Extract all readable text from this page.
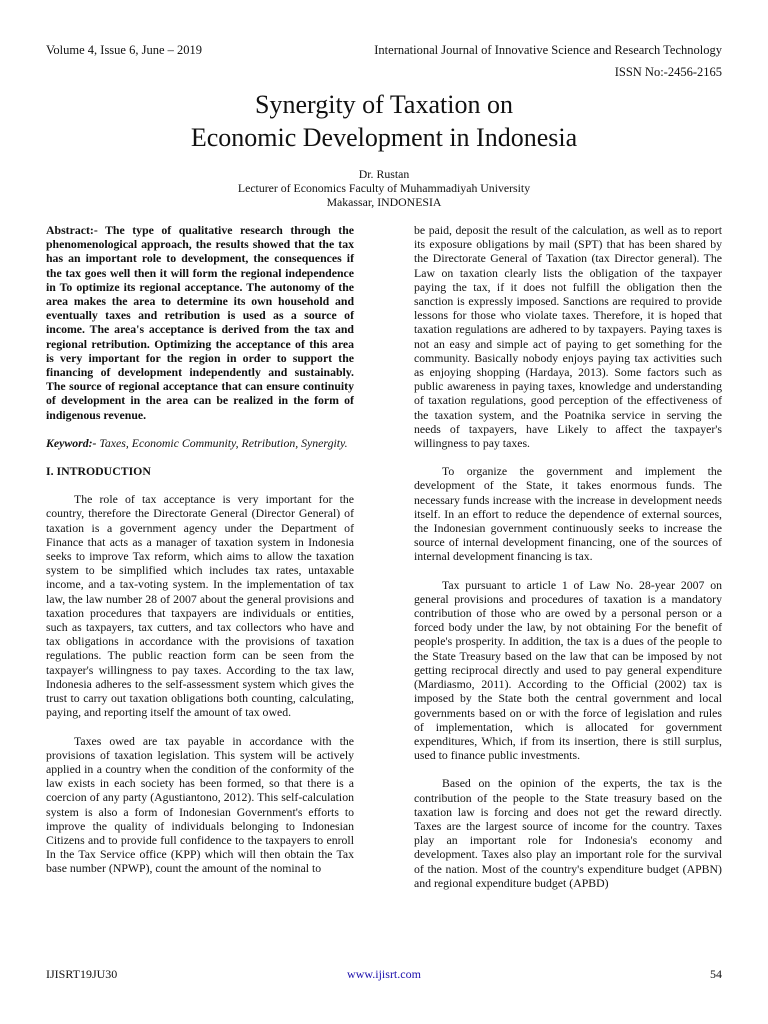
Volume 4, Issue 6, June – 2019	International Journal of Innovative Science and Research Technology
ISSN No:-2456-2165
Synergity of Taxation on
Economic Development in Indonesia
Dr. Rustan
Lecturer of Economics Faculty of Muhammadiyah University
Makassar, INDONESIA

Abstract:- The type of qualitative research through the phenomenological approach, the results showed that the tax has an important role to development, the consequences if the tax goes well then it will form the regional independence in To optimize its regional acceptance. The autonomy of the area makes the area to determine its own household and eventually taxes and retribution is used as a source of income. The area's acceptance is derived from the tax and regional retribution. Optimizing the acceptance of this area is very important for the region in order to support the financing of development independently and sustainably. The source of regional acceptance that can ensure continuity of development in the area can be realized in the form of indigenous revenue.

Keyword:- Taxes, Economic Community, Retribution, Synergity.

I. INTRODUCTION

The role of tax acceptance is very important for the country, therefore the Directorate General (Director General) of taxation is a government agency under the Department of Finance that acts as a manager of taxation system in Indonesia seeks to improve Tax reform, which aims to allow the taxation system to be simplified which includes tax rates, untaxable income, and a tax-voting system. In the implementation of tax law, the law number 28 of 2007 about the general provisions and taxation procedures that taxpayers are individuals or entities, such as taxpayers, tax cutters, and tax collectors who have and tax obligations in accordance with the provisions of taxation regulations. The public reaction form can be seen from the taxpayer's willingness to pay taxes. According to the tax law, Indonesia adheres to the self-assessment system which gives the trust to carry out taxation obligations both counting, calculating, paying, and reporting itself the amount of tax owed.

Taxes owed are tax payable in accordance with the provisions of taxation legislation. This system will be actively applied in a country when the condition of the conformity of the law exists in each society has been formed, so that there is a coercion of any party (Agustiantono, 2012). This self-calculation system is also a form of Indonesian Government's efforts to improve the quality of individuals belonging to Indonesian Citizens and to provide full confidence to the taxpayers to enroll In the Tax Service office (KPP) which will then obtain the Tax base number (NPWP), count the amount of the nominal to

be paid, deposit the result of the calculation, as well as to report its exposure obligations by mail (SPT) that has been shared by the Directorate General of Taxation (tax Director general). The Law on taxation clearly lists the obligation of the taxpayer paying the tax, if it does not fulfill the obligation then the sanction is expressly imposed. Sanctions are required to provide lessons for those who violate taxes. Therefore, it is hoped that taxation regulations are adhered to by taxpayers. Paying taxes is not an easy and simple act of paying to get something for the community. Basically nobody enjoys paying tax activities such as enjoying shopping (Hardaya, 2013). Some factors such as public awareness in paying taxes, knowledge and understanding of taxation regulations, good perception of the effectiveness of the taxation system, and the Poatnika service in serving the needs of taxpayers, have Likely to affect the taxpayer's willingness to pay taxes.

To organize the government and implement the development of the State, it takes enormous funds. The necessary funds increase with the increase in development needs itself. In an effort to reduce the dependence of external sources, the Indonesian government continuously seeks to increase the source of internal development financing, one of the sources of internal development financing is tax.

Tax pursuant to article 1 of Law No. 28-year 2007 on general provisions and procedures of taxation is a mandatory contribution of those who are owed by a personal person or a forced body under the law, by not obtaining For the benefit of people's prosperity. In addition, the tax is a dues of the people to the State Treasury based on the law that can be imposed by not getting reciprocal directly and used to pay general expenditure (Mardiasmo, 2011). According to the Official (2002) tax is imposed by the State both the central government and local governments based on or with the force of legislation and rules of implementation, which is allocated for government expenditures, Which, if from its insertion, there is still surplus, used to finance public investments.

Based on the opinion of the experts, the tax is the contribution of the people to the State treasury based on the taxation law is forcing and does not get the reward directly. Taxes are the largest source of income for the country. Taxes play an important role for Indonesia's economy and development. Taxes also play an important role for the survival of the nation. Most of the country's expenditure budget (APBN) and regional expenditure budget (APBD)

IJISRT19JU30	www.ijisrt.com	54
